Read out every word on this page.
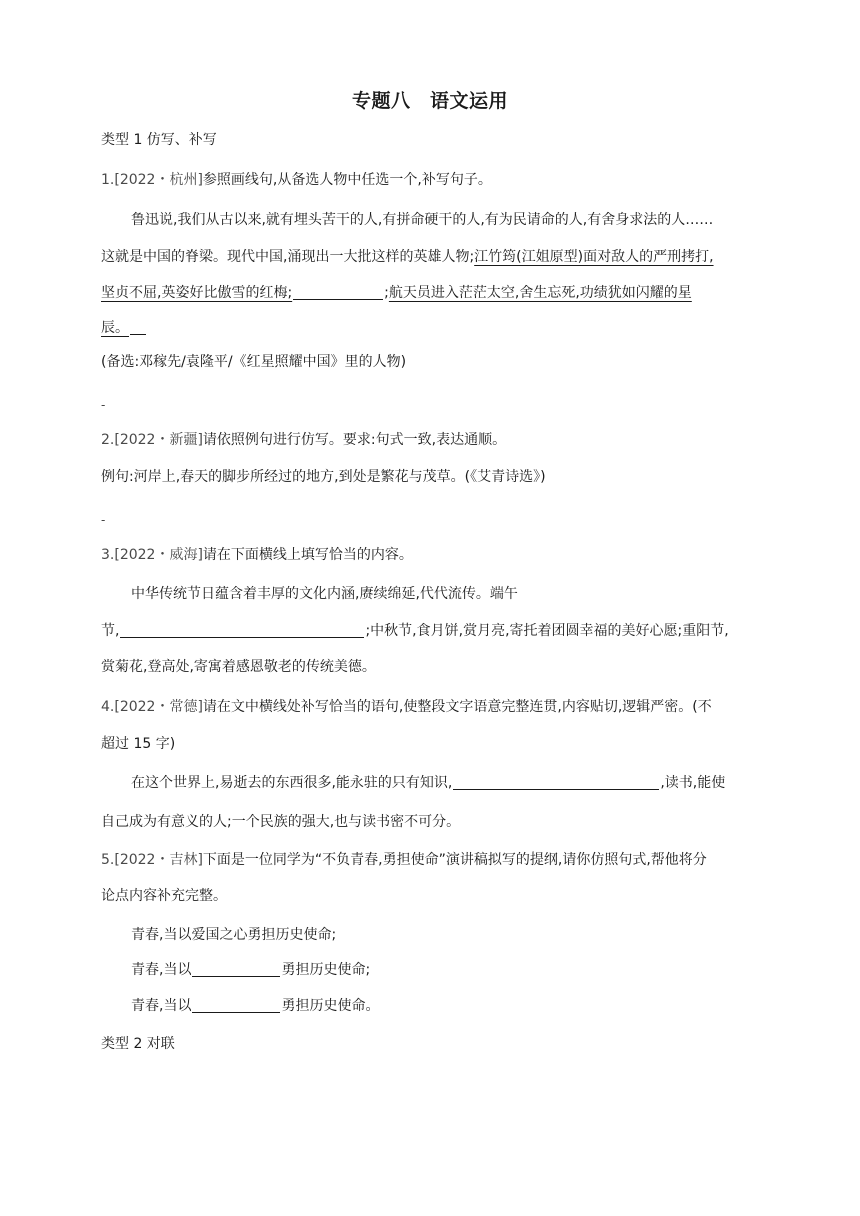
专题八　语文运用
类型 1 仿写、补写
1.[2022・杭州]参照画线句,从备选人物中任选一个,补写句子。
鲁迅说,我们从古以来,就有埋头苦干的人,有拼命硬干的人,有为民请命的人,有舍身求法的人……
这就是中国的脊梁。现代中国,涌现出一大批这样的英雄人物;江竹筠(江姐原型)面对敌人的严刑拷打,
坚贞不屈,英姿好比傲雪的红梅;	;航天员进入茫茫太空,舍生忘死,功绩犹如闪耀的星
辰。
(备选:邓稼先/袁隆平/《红星照耀中国》里的人物)
-
2.[2022・新疆]请依照例句进行仿写。要求:句式一致,表达通顺。
例句:河岸上,春天的脚步所经过的地方,到处是繁花与茂草。(《艾青诗选》)
-
3.[2022・威海]请在下面横线上填写恰当的内容。
中华传统节日蕴含着丰厚的文化内涵,赓续绵延,代代流传。端午
节,	;中秋节,食月饼,赏月亮,寄托着团圆幸福的美好心愿;重阳节,
赏菊花,登高处,寄寓着感恩敬老的传统美德。
4.[2022・常德]请在文中横线处补写恰当的语句,使整段文字语意完整连贯,内容贴切,逻辑严密。(不
超过 15 字)
在这个世界上,易逝去的东西很多,能永驻的只有知识,	,读书,能使
自己成为有意义的人;一个民族的强大,也与读书密不可分。
5.[2022・吉林]下面是一位同学为“不负青春,勇担使命”演讲稿拟写的提纲,请你仿照句式,帮他将分
论点内容补充完整。
青春,当以爱国之心勇担历史使命;
青春,当以	勇担历史使命;
青春,当以	勇担历史使命。
类型 2 对联
